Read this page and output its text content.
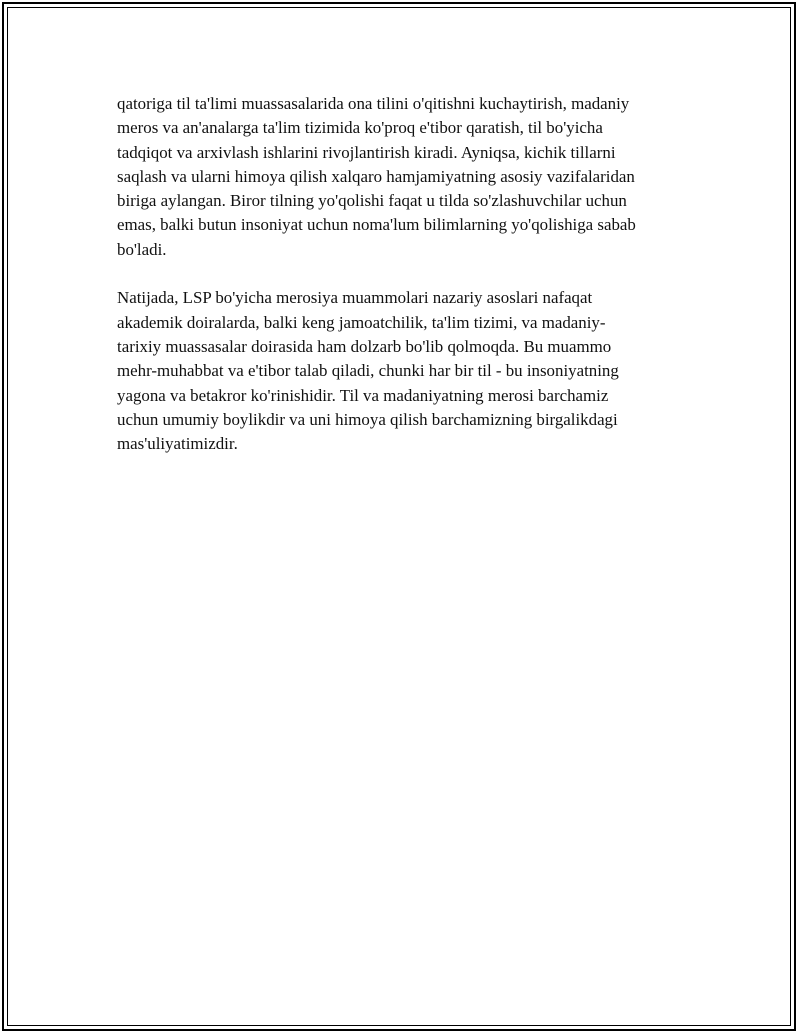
qatoriga til ta'limi muassasalarida ona tilini o'qitishni kuchaytirish, madaniy
meros va an'analarga ta'lim tizimida ko'proq e'tibor qaratish, til bo'yicha
tadqiqot va arxivlash ishlarini rivojlantirish kiradi. Ayniqsa, kichik tillarni
saqlash va ularni himoya qilish xalqaro hamjamiyatning asosiy vazifalaridan
biriga aylangan. Biror tilning yo'qolishi faqat u tilda so'zlashuvchilar uchun
emas, balki butun insoniyat uchun noma'lum bilimlarning yo'qolishiga sabab
bo'ladi.

Natijada, LSP bo'yicha merosiya muammolari nazariy asoslari nafaqat
akademik doiralarda, balki keng jamoatchilik, ta'lim tizimi, va madaniy-
tarixiy muassasalar doirasida ham dolzarb bo'lib qolmoqda. Bu muammo
mehr-muhabbat va e'tibor talab qiladi, chunki har bir til - bu insoniyatning
yagona va betakror ko'rinishidir. Til va madaniyatning merosi barchamiz
uchun umumiy boylikdir va uni himoya qilish barchamizning birgalikdagi
mas'uliyatimizdir.
